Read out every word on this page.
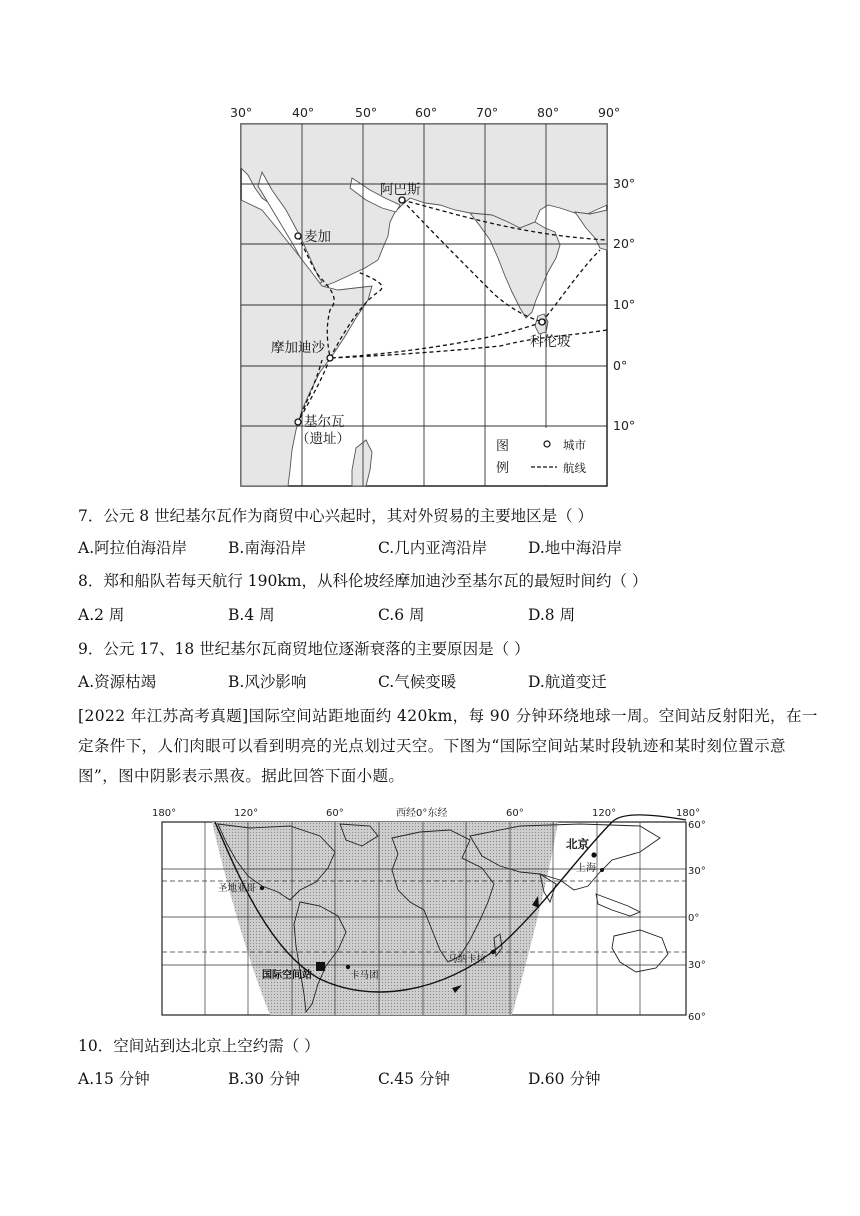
30°	40°	50°	60°	70°	80°	90°
阿巴斯
麦加
摩加迪沙	科伦坡
基尔瓦
（遗址）
30°
20°
10°
0°
10°
图
例
城市
航线
7．公元 8 世纪基尔瓦作为商贸中心兴起时，其对外贸易的主要地区是（ ）
A.阿拉伯海沿岸	B.南海沿岸	C.几内亚湾沿岸	D.地中海沿岸
8．郑和船队若每天航行 190km，从科伦坡经摩加迪沙至基尔瓦的最短时间约（ ）
A.2 周	B.4 周	C.6 周	D.8 周
9．公元 17、18 世纪基尔瓦商贸地位逐渐衰落的主要原因是（ ）
A.资源枯竭	B.风沙影响	C.气候变暖	D.航道变迁
[2022 年江苏高考真题]国际空间站距地面约 420km，每 90 分钟环绕地球一周。空间站反射阳光，在一定条件下，人们肉眼可以看到明亮的光点划过天空。下图为“国际空间站某时段轨迹和某时刻位置示意图”，图中阴影表示黑夜。据此回答下面小题。
180°	120°	60°	西经0°东经	60°	120°	180°
北京
上海
圣地亚哥
国际空间站	卡马团
马纳卡拉
60°
30°
0°
30°
60°
10．空间站到达北京上空约需（ ）
A.15 分钟	B.30 分钟	C.45 分钟	D.60 分钟
